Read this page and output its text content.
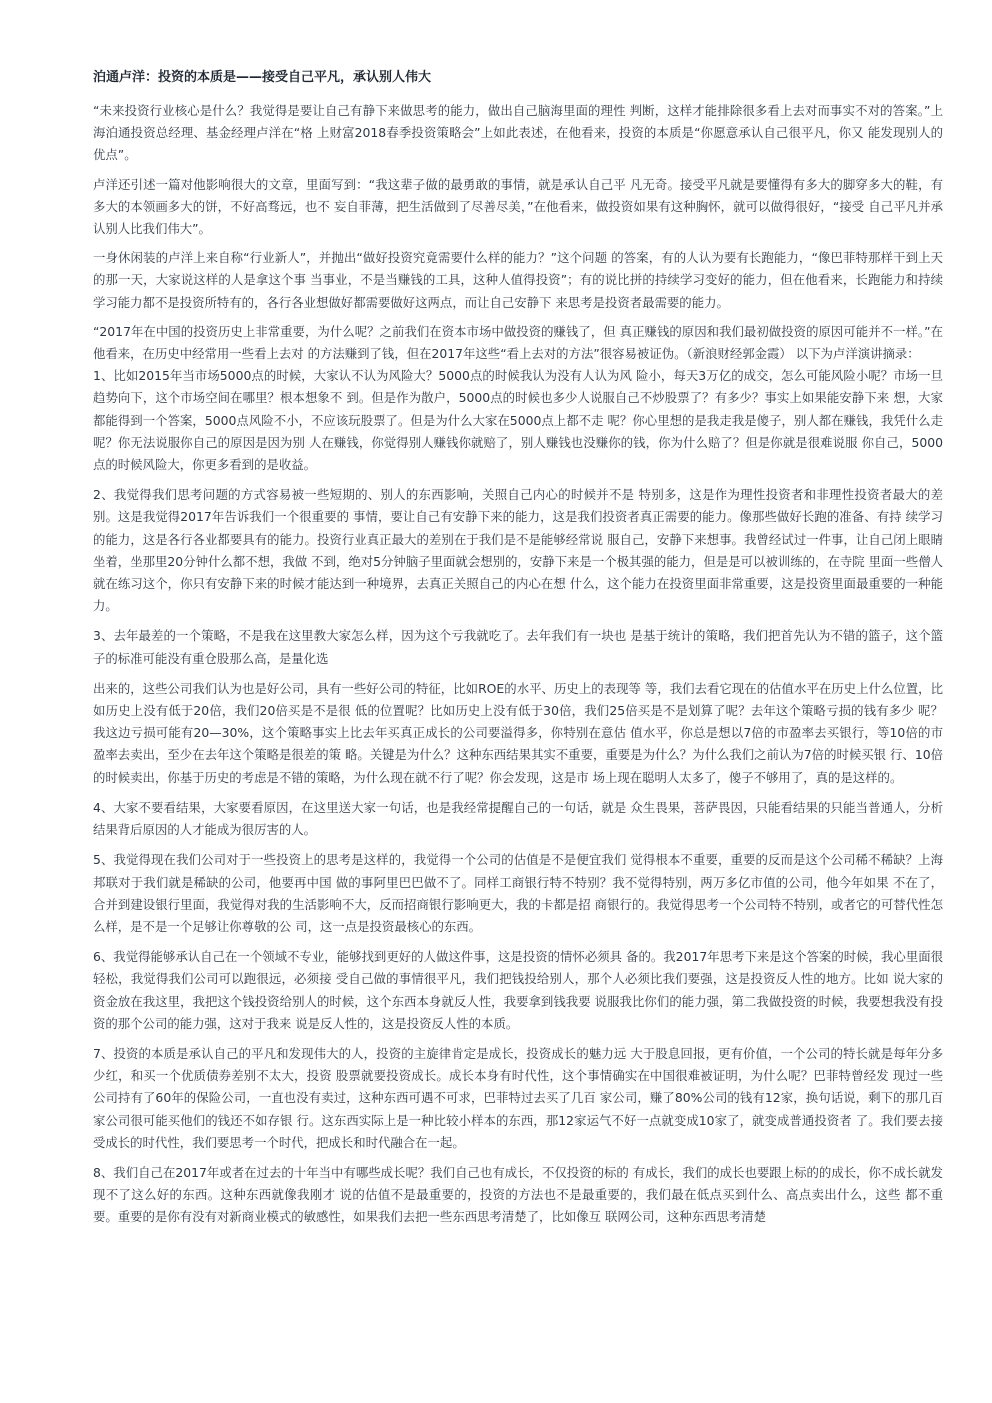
泊通卢洋：投资的本质是——接受自己平凡，承认别人伟大

“未来投资行业核心是什么？我觉得是要让自己有静下来做思考的能力，做出自己脑海里面的理性 判断，这样才能排除很多看上去对而事实不对的答案。”上海泊通投资总经理、基金经理卢洋在“格 上财富2018春季投资策略会”上如此表述，在他看来，投资的本质是“你愿意承认自己很平凡，你又 能发现别人的优点”。

卢洋还引述一篇对他影响很大的文章，里面写到：“我这辈子做的最勇敢的事情，就是承认自己平 凡无奇。接受平凡就是要懂得有多大的脚穿多大的鞋，有多大的本领画多大的饼，不好高骛远，也不 妄自菲薄，把生活做到了尽善尽美，”在他看来，做投资如果有这种胸怀，就可以做得很好，“接受 自己平凡并承认别人比我们伟大”。

一身休闲装的卢洋上来自称“行业新人”，并抛出“做好投资究竟需要什么样的能力？”这个问题 的答案，有的人认为要有长跑能力，“像巴菲特那样干到上天的那一天，大家说这样的人是拿这个事 当事业，不是当赚钱的工具，这种人值得投资”；有的说比拼的持续学习变好的能力，但在他看来，长跑能力和持续学习能力都不是投资所特有的，各行各业想做好都需要做好这两点，而让自己安静下 来思考是投资者最需要的能力。

“2017年在中国的投资历史上非常重要，为什么呢？之前我们在资本市场中做投资的赚钱了，但 真正赚钱的原因和我们最初做投资的原因可能并不一样。”在他看来，在历史中经常用一些看上去对 的方法赚到了钱，但在2017年这些“看上去对的方法”很容易被证伪。（新浪财经郭金霞） 以下为卢洋演讲摘录：

1、比如2015年当市场5000点的时候，大家认不认为风险大？5000点的时候我认为没有人认为风 险小，每天3万亿的成交，怎么可能风险小呢？市场一旦趋势向下，这个市场空间在哪里？根本想象不 到。但是作为散户，5000点的时候也多少人说服自己不炒股票了？有多少？事实上如果能安静下来 想，大家都能得到一个答案，5000点风险不小，不应该玩股票了。但是为什么大家在5000点上都不走 呢？你心里想的是我走我是傻子，别人都在赚钱，我凭什么走呢？你无法说服你自己的原因是因为别 人在赚钱，你觉得别人赚钱你就赔了，别人赚钱也没赚你的钱，你为什么赔了？但是你就是很难说服 你自己，5000点的时候风险大，你更多看到的是收益。

2、我觉得我们思考问题的方式容易被一些短期的、别人的东西影响，关照自己内心的时候并不是 特别多，这是作为理性投资者和非理性投资者最大的差别。这是我觉得2017年告诉我们一个很重要的 事情，要让自己有安静下来的能力，这是我们投资者真正需要的能力。像那些做好长跑的准备、有持 续学习的能力，这是各行各业都要具有的能力。投资行业真正最大的差别在于我们是不是能够经常说 服自己，安静下来想事。我曾经试过一件事，让自己闭上眼睛坐着，坐那里20分钟什么都不想，我做 不到，绝对5分钟脑子里面就会想别的，安静下来是一个极其强的能力，但是是可以被训练的，在寺院 里面一些僧人就在练习这个，你只有安静下来的时候才能达到一种境界，去真正关照自己的内心在想 什么，这个能力在投资里面非常重要，这是投资里面最重要的一种能力。

3、去年最差的一个策略，不是我在这里教大家怎么样，因为这个亏我就吃了。去年我们有一块也 是基于统计的策略，我们把首先认为不错的篮子，这个篮子的标准可能没有重仓股那么高，是量化选

出来的，这些公司我们认为也是好公司，具有一些好公司的特征，比如ROE的水平、历史上的表现等 等，我们去看它现在的估值水平在历史上什么位置，比如历史上没有低于20倍，我们20倍买是不是很 低的位置呢？比如历史上没有低于30倍，我们25倍买是不是划算了呢？去年这个策略亏损的钱有多少 呢？我这边亏损可能有20—30%，这个策略事实上比去年买真正成长的公司要溢得多，你特别在意估 值水平，你总是想以7倍的市盈率去买银行，等10倍的市盈率去卖出，至少在去年这个策略是很差的策 略。关键是为什么？这种东西结果其实不重要，重要是为什么？为什么我们之前认为7倍的时候买银 行、10倍的时候卖出，你基于历史的考虑是不错的策略，为什么现在就不行了呢？你会发现，这是市 场上现在聪明人太多了，傻子不够用了，真的是这样的。

4、大家不要看结果，大家要看原因，在这里送大家一句话，也是我经常提醒自己的一句话，就是 众生畏果，菩萨畏因，只能看结果的只能当普通人，分析结果背后原因的人才能成为很厉害的人。

5、我觉得现在我们公司对于一些投资上的思考是这样的，我觉得一个公司的估值是不是便宜我们 觉得根本不重要，重要的反而是这个公司稀不稀缺？上海邦联对于我们就是稀缺的公司，他要再中国 做的事阿里巴巴做不了。同样工商银行特不特别？我不觉得特别，两万多亿市值的公司，他今年如果 不在了，合并到建设银行里面，我觉得对我的生活影响不大，反而招商银行影响更大，我的卡都是招 商银行的。我觉得思考一个公司特不特别，或者它的可替代性怎么样，是不是一个足够让你尊敬的公 司，这一点是投资最核心的东西。

6、我觉得能够承认自己在一个领域不专业，能够找到更好的人做这件事，这是投资的情怀必须具 备的。我2017年思考下来是这个答案的时候，我心里面很轻松，我觉得我们公司可以跑很远，必须接 受自己做的事情很平凡，我们把钱投给别人，那个人必须比我们要强，这是投资反人性的地方。比如 说大家的资金放在我这里，我把这个钱投资给别人的时候，这个东西本身就反人性，我要拿到钱我要 说服我比你们的能力强，第二我做投资的时候，我要想我没有投资的那个公司的能力强，这对于我来 说是反人性的，这是投资反人性的本质。

7、投资的本质是承认自己的平凡和发现伟大的人，投资的主旋律肯定是成长，投资成长的魅力远 大于股息回报，更有价值，一个公司的特长就是每年分多少红，和买一个优质债券差别不太大，投资 股票就要投资成长。成长本身有时代性，这个事情确实在中国很难被证明，为什么呢？巴菲特曾经发 现过一些公司持有了60年的保险公司，一直也没有卖过，这种东西可遇不可求，巴菲特过去买了几百 家公司，赚了80%公司的钱有12家，换句话说，剩下的那几百家公司很可能买他们的钱还不如存银 行。这东西实际上是一种比较小样本的东西，那12家运气不好一点就变成10家了，就变成普通投资者 了。我们要去接受成长的时代性，我们要思考一个时代，把成长和时代融合在一起。

8、我们自己在2017年或者在过去的十年当中有哪些成长呢？我们自己也有成长，不仅投资的标的 有成长，我们的成长也要跟上标的的成长，你不成长就发现不了这么好的东西。这种东西就像我刚才 说的估值不是最重要的，投资的方法也不是最重要的，我们最在低点买到什么、高点卖出什么，这些 都不重要。重要的是你有没有对新商业模式的敏感性，如果我们去把一些东西思考清楚了，比如像互 联网公司，这种东西思考清楚
